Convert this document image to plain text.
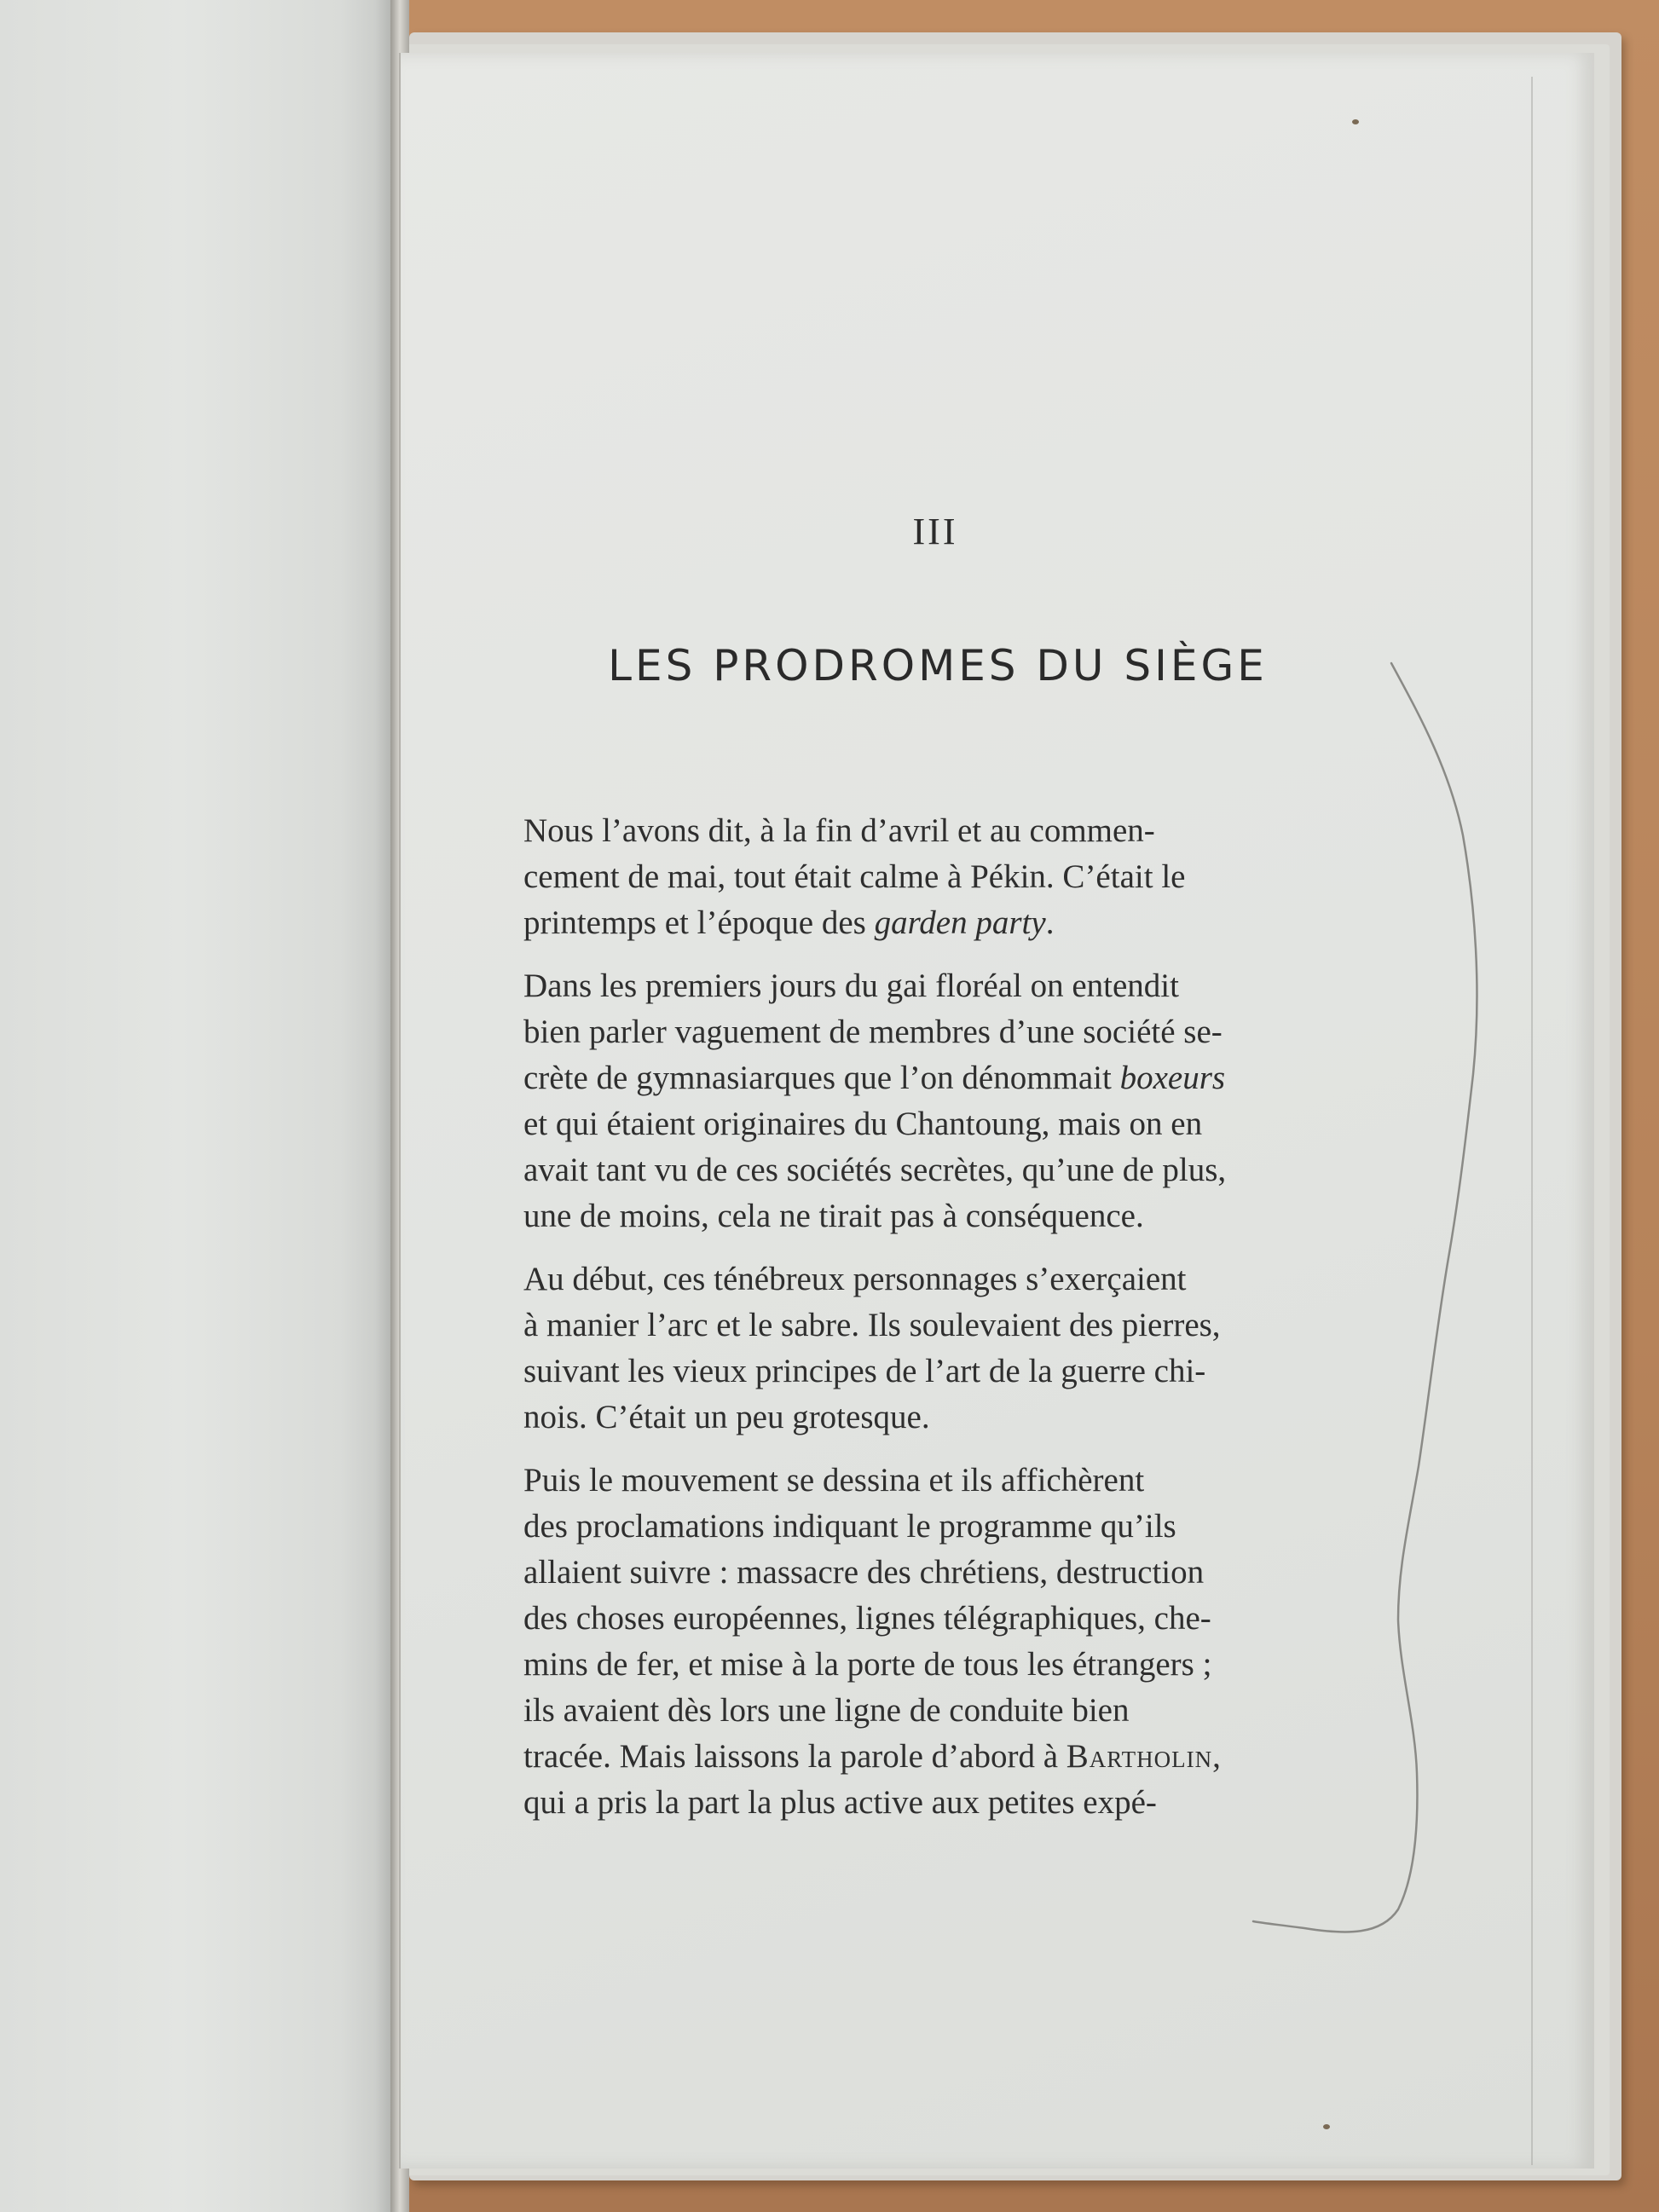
III
LES PRODROMES DU SIÈGE

Nous l’avons dit, à la fin d’avril et au commen-
cement de mai, tout était calme à Pékin. C’était le
printemps et l’époque des garden party.

Dans les premiers jours du gai floréal on entendit
bien parler vaguement de membres d’une société se-
crète de gymnasiarques que l’on dénommait boxeurs
et qui étaient originaires du Chantoung, mais on en
avait tant vu de ces sociétés secrètes, qu’une de plus,
une de moins, cela ne tirait pas à conséquence.

Au début, ces ténébreux personnages s’exerçaient
à manier l’arc et le sabre. Ils soulevaient des pierres,
suivant les vieux principes de l’art de la guerre chi-
nois. C’était un peu grotesque.

Puis le mouvement se dessina et ils affichèrent
des proclamations indiquant le programme qu’ils
allaient suivre : massacre des chrétiens, destruction
des choses européennes, lignes télégraphiques, che-
mins de fer, et mise à la porte de tous les étrangers ;
ils avaient dès lors une ligne de conduite bien
tracée. Mais laissons la parole d’abord à Bartholin,
qui a pris la part la plus active aux petites expé-
